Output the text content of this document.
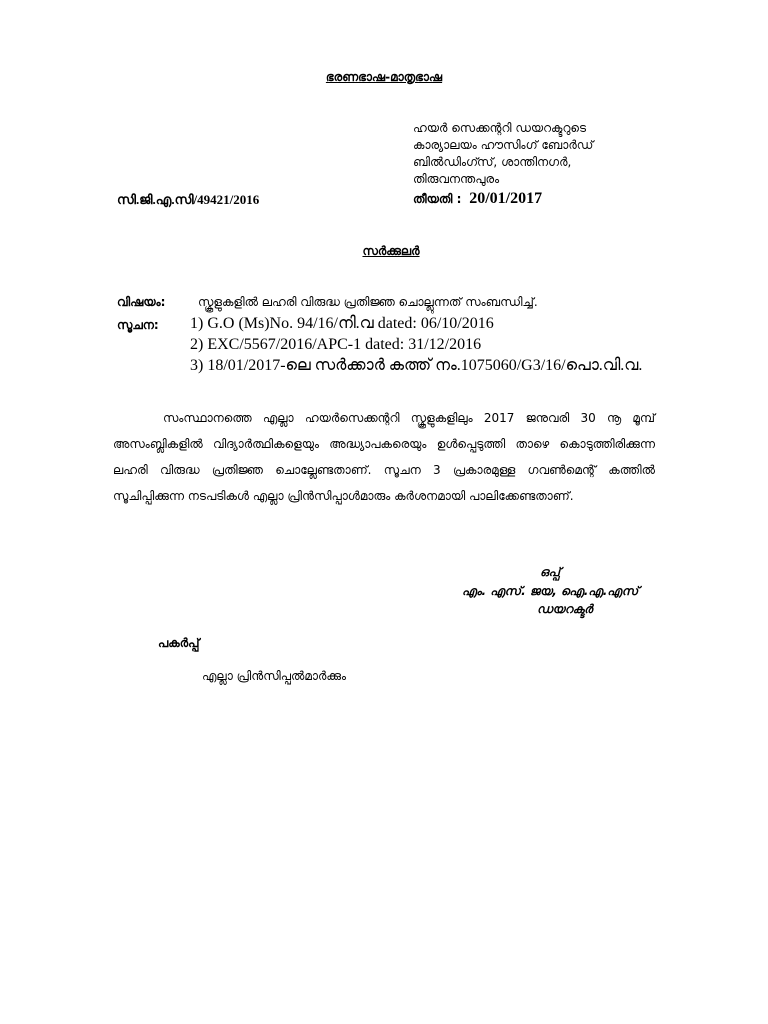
ഭരണഭാഷ-മാതൃഭാഷ
ഹയർ സെക്കന്ററി ഡയറക്ടറുടെ
കാര്യാലയം ഹൗസിംഗ് ബോർഡ്
ബിൽഡിംഗ്സ്, ശാന്തിനഗർ,
തിരുവനന്തപുരം
സി.ജി.എ.സി/49421/2016	തീയതി : 20/01/2017
സർക്കുലർ
വിഷയം:	സ്കൂളുകളിൽ ലഹരി വിരുദ്ധ പ്രതിജ്ഞ ചൊല്ലുന്നത് സംബന്ധിച്ച്.
സൂചന: 1) G.O (Ms)No. 94/16/നി.വ dated: 06/10/2016
2) EXC/5567/2016/APC-1 dated: 31/12/2016
3) 18/01/2017-ലെ സർക്കാർ കത്ത് നം.1075060/G3/16/പൊ.വി.വ.

സംസ്ഥാനത്തെ എല്ലാ ഹയർസെക്കന്ററി സ്കൂളുകളിലും 2017 ജനുവരി 30 നൂ മൂമ്പ് അസംബ്ലികളിൽ വിദ്യാർത്ഥികളെയും അദ്ധ്യാപകരെയും ഉൾപ്പെടുത്തി താഴെ കൊടുത്തിരിക്കുന്ന ലഹരി വിരുദ്ധ പ്രതിജ്ഞ ചൊല്ലേണ്ടതാണ്. സൂചന 3 പ്രകാരമുള്ള ഗവൺമെന്റ് കത്തിൽ സൂചിപ്പിക്കുന്ന നടപടികൾ എല്ലാ പ്രിൻസിപ്പാൾമാരും കർശനമായി പാലിക്കേണ്ടതാണ്.

ഒപ്പ്
എം. എസ്. ജയ, ഐ.എ.എസ്
ഡയറക്ടർ
പകർപ്പ്
എല്ലാ പ്രിൻസിപ്പൽമാർക്കും
